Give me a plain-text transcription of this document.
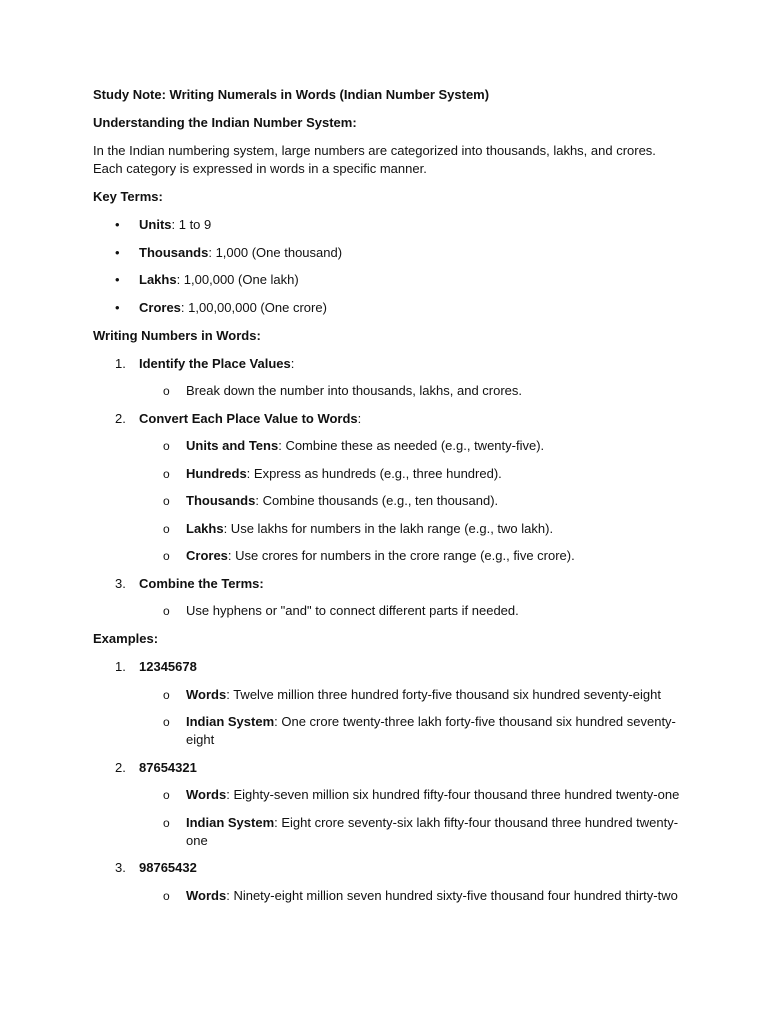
Study Note: Writing Numerals in Words (Indian Number System)

Understanding the Indian Number System:

In the Indian numbering system, large numbers are categorized into thousands, lakhs, and crores. Each category is expressed in words in a specific manner.

Key Terms:

• Units: 1 to 9
• Thousands: 1,000 (One thousand)
• Lakhs: 1,00,000 (One lakh)
• Crores: 1,00,00,000 (One crore)

Writing Numbers in Words:

1. Identify the Place Values:
o Break down the number into thousands, lakhs, and crores.
2. Convert Each Place Value to Words:
o Units and Tens: Combine these as needed (e.g., twenty-five).
o Hundreds: Express as hundreds (e.g., three hundred).
o Thousands: Combine thousands (e.g., ten thousand).
o Lakhs: Use lakhs for numbers in the lakh range (e.g., two lakh).
o Crores: Use crores for numbers in the crore range (e.g., five crore).
3. Combine the Terms:
o Use hyphens or "and" to connect different parts if needed.

Examples:

1. 12345678
o Words: Twelve million three hundred forty-five thousand six hundred seventy-eight
o Indian System: One crore twenty-three lakh forty-five thousand six hundred seventy-eight
2. 87654321
o Words: Eighty-seven million six hundred fifty-four thousand three hundred twenty-one
o Indian System: Eight crore seventy-six lakh fifty-four thousand three hundred twenty-one
3. 98765432
o Words: Ninety-eight million seven hundred sixty-five thousand four hundred thirty-two
